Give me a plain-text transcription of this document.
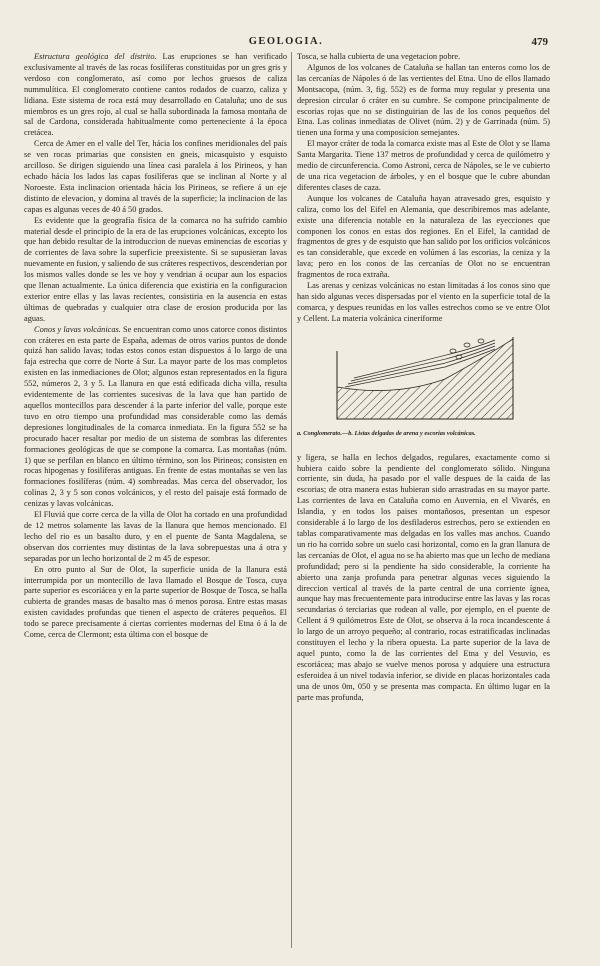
GEOLOGIA.	479

Estructura geológica del distrito. Las erupciones se han verificado exclusivamente al través de las rocas fosilíferas constituidas por un gres gris y verdoso con conglomerato, así como por lechos gruesos de caliza nummulítica. El conglomerato contiene cantos rodados de cuarzo, caliza y lidiana. Este sistema de roca está muy desarrollado en Cataluña; uno de sus miembros es un gres rojo, al cual se halla subordinada la famosa montaña de sal de Cardona, considerada habitualmente como perteneciente á la época cretácea.

Cerca de Amer en el valle del Ter, hácia los confines meridionales del país se ven rocas primarias que consisten en gneis, micasquisto y esquisto arcilloso. Se dirigen siguiendo una línea casi paralela á los Pirineos, y han echado hácia los lados las capas fosilíferas que se inclinan al Norte y al Noroeste. Esta inclinacion orientada hácia los Pirineos, se refiere á un eje distinto de elevacion, y domina al través de la superficie; la inclinacion de las capas es algunas veces de 40 á 50 grados.

Es evidente que la geografía física de la comarca no ha sufrido cambio material desde el principio de la era de las erupciones volcánicas, excepto los que han debido resultar de la introduccion de nuevas eminencias de escorias y de corrientes de lava sobre la superficie preexistente. Si se supusieran lavas nuevamente en fusion, y saliendo de sus cráteres respectivos, descenderian por los mismos valles donde se les ve hoy y vendrian á ocupar aun los espacios que llenan actualmente. La única diferencia que existiria en la configuracion exterior entre ellas y las lavas recientes, consistiria en la ausencia en estas últimas de quebradas y cualquier otra clase de erosion producida por las aguas.

Conos y lavas volcánicas. Se encuentran como unos catorce conos distintos con cráteres en esta parte de España, ademas de otros varios puntos de donde quizá han salido lavas; todas estos conos estan dispuestos á lo largo de una faja estrecha que corre de Norte á Sur. La mayor parte de los mas completos existen en las inmediaciones de Olot; algunos estan representados en la figura 552, números 2, 3 y 5. La llanura en que está edificada dicha villa, resulta evidentemente de las corrientes sucesivas de la lava que han partido de aquellos montecillos para descender á la parte inferior del valle, porque este tuvo en otro tiempo una profundidad mas considerable como las demás depresiones longitudinales de la comarca inmediata. En la figura 552 se ha procurado hacer resaltar por medio de un sistema de sombras las diferentes formaciones geológicas de que se compone la comarca. Las montañas (núm. 1) que se perfilan en blanco en último término, son los Pirineos; consisten en rocas hipogenas y fosilíferas antiguas. En frente de estas montañas se ven las formaciones fosilíferas (núm. 4) sombreadas. Mas cerca del observador, los colinas 2, 3 y 5 son conos volcánicos, y el resto del paisaje está formado de cenizas y lavas volcánicas.

El Fluviá que corre cerca de la villa de Olot ha cortado en una profundidad de 12 metros solamente las lavas de la llanura que hemos mencionado. El lecho del rio es un basalto duro, y en el puente de Santa Magdalena, se observan dos corrientes muy distintas de la lava sobrepuestas una á otra y separadas por un lecho horizontal de 2 m 45 de espesor.

En otro punto al Sur de Olot, la superficie unida de la llanura está interrumpida por un montecillo de lava llamado el Bosque de Tosca, cuya parte superior es escoriácea y en la parte superior de Bosque de Tosca, se halla cubierta de grandes masas de basalto mas ó menos porosa. Entre estas masas existen cavidades profundas que tienen el aspecto de cráteres pequeños. El todo se parece precisamente á ciertas corrientes modernas del Etna ó á la de Come, cerca de Clermont; esta última con el bosque de

Tosca, se halla cubierta de una vegetacion pobre.

Algunos de los volcanes de Cataluña se hallan tan enteros como los de las cercanías de Nápoles ó de las vertientes del Etna. Uno de ellos llamado Montsacopa, (núm. 3, fig. 552) es de forma muy regular y presenta una depresion circular ó cráter en su cumbre. Se compone principalmente de escorias rojas que no se distinguirian de las de los conos pequeños del Etna. Las colinas inmediatas de Olivet (núm. 2) y de Garrinada (núm. 5) tienen una forma y una composicion semejantes.

El mayor cráter de toda la comarca existe mas al Este de Olot y se llama Santa Margarita. Tiene 137 metros de profundidad y cerca de quilómetro y medio de circunferencia. Como Astroni, cerca de Nápoles, se le ve cubierto de una rica vegetacion de árboles, y en el bosque que le cubre abundan diferentes clases de caza.

Aunque los volcanes de Cataluña hayan atravesado gres, esquisto y caliza, como los del Eifel en Alemania, que describiremos mas adelante, existe una diferencia notable en la naturaleza de las eyecciones que componen los conos en estas dos regiones. En el Eifel, la cantidad de fragmentos de gres y de esquisto que han salido por los orificios volcánicos es tan considerable, que excede en volúmen á las escorias, la ceniza y la lava; pero en los conos de las cercanías de Olot no se encuentran fragmentos de roca extraña.

Las arenas y cenizas volcánicas no estan limitadas á los conos sino que han sido algunas veces dispersadas por el viento en la superficie total de la comarca, y despues reunidas en los valles estrechos como se ve entre Olot y Cellent. La materia volcánica cineriforme

a. Conglomerato.—b. Listas delgadas de arena y escorias volcánicas.

y ligera, se halla en lechos delgados, regulares, exactamente como si hubiera caido sobre la pendiente del conglomerato sólido. Ninguna corriente, sin duda, ha pasado por el valle despues de la caida de las escorias; de otra manera estas hubieran sido arrastradas en su mayor parte. Las corrientes de lava en Cataluña como en Auvernia, en el Vivarés, en Islandia, y en todos los paises montañosos, presentan un espesor considerable á lo largo de los desfiladeros estrechos, pero se extienden en tablas comparativamente mas delgadas en los valles mas anchos. Cuando un rio ha corrido sobre un suelo casi horizontal, como en la gran llanura de las cercanías de Olot, el agua no se ha abierto mas que un lecho de mediana profundidad; pero si la pendiente ha sido considerable, la corriente ha abierto una zanja profunda para penetrar algunas veces siguiendo la direccion vertical al través de la parte central de una corriente ígnea, aunque hay mas frecuentemente para introducirse entre las lavas y las rocas secundarias ó terciarias que rodean al valle, por ejemplo, en el puente de Cellent á 9 quilómetros Este de Olot, se observa á la roca incandescente á lo largo de un arroyo pequeño; al contrario, rocas estratificadas inclinadas constituyen el lecho y la ribera opuesta. La parte superior de la lava de aquel punto, como la de las corrientes del Etna y del Vesuvio, es escoriácea; mas abajo se vuelve menos porosa y adquiere una estructura esferoidea á un nivel todavía inferior, se divide en placas horizontales cada una de unos 0m, 050 y se presenta mas compacta. En último lugar en la parte mas profunda,
